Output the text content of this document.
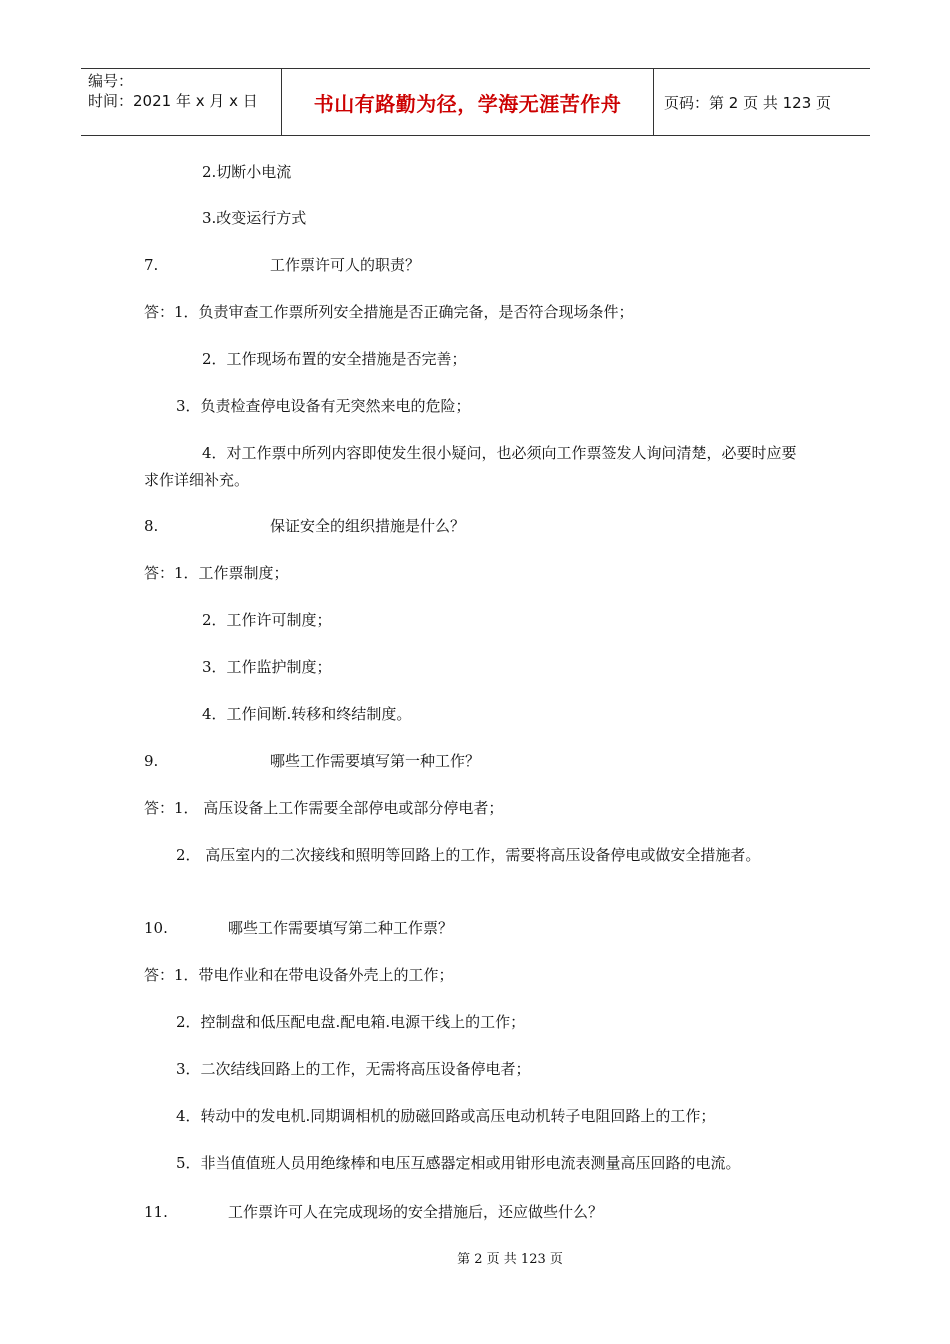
编号：
时间：2021 年 x 月 x 日	书山有路勤为径，学海无涯苦作舟	页码：第 2 页 共 123 页
2.切断小电流
3.改变运行方式
7.	工作票许可人的职责？
答：1．负责审查工作票所列安全措施是否正确完备，是否符合现场条件；
2．工作现场布置的安全措施是否完善；
3．负责检查停电设备有无突然来电的危险；
4．对工作票中所列内容即使发生很小疑问，也必须向工作票签发人询问清楚，必要时应要求作详细补充。
8.	保证安全的组织措施是什么？
答：1．工作票制度；
2．工作许可制度；
3．工作监护制度；
4．工作间断.转移和终结制度。
9.	哪些工作需要填写第一种工作？
答：1． 高压设备上工作需要全部停电或部分停电者；
2． 高压室内的二次接线和照明等回路上的工作，需要将高压设备停电或做安全措施者。
10.	哪些工作需要填写第二种工作票？
答：1．带电作业和在带电设备外壳上的工作；
2．控制盘和低压配电盘.配电箱.电源干线上的工作；
3．二次结线回路上的工作，无需将高压设备停电者；
4．转动中的发电机.同期调相机的励磁回路或高压电动机转子电阻回路上的工作；
5．非当值值班人员用绝缘棒和电压互感器定相或用钳形电流表测量高压回路的电流。
11.	工作票许可人在完成现场的安全措施后，还应做些什么？
第 2 页 共 123 页
